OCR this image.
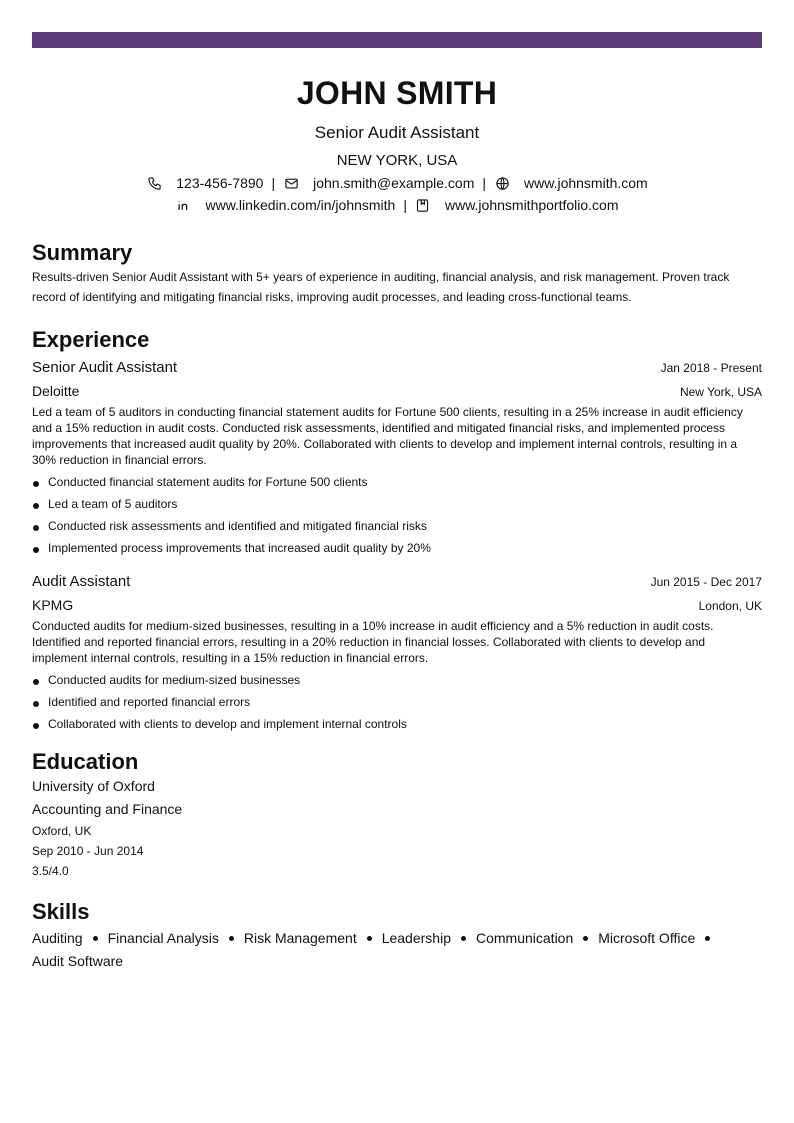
JOHN SMITH
Senior Audit Assistant
NEW YORK, USA
123-456-7890 |	john.smith@example.com |	www.johnsmith.com
www.linkedin.com/in/johnsmith |	www.johnsmithportfolio.com
Summary
Results-driven Senior Audit Assistant with 5+ years of experience in auditing, financial analysis, and risk management. Proven track record of identifying and mitigating financial risks, improving audit processes, and leading cross-functional teams.
Experience
Senior Audit Assistant	Jan 2018 - Present
Deloitte	New York, USA
Led a team of 5 auditors in conducting financial statement audits for Fortune 500 clients, resulting in a 25% increase in audit efficiency and a 15% reduction in audit costs. Conducted risk assessments, identified and mitigated financial risks, and implemented process improvements that increased audit quality by 20%. Collaborated with clients to develop and implement internal controls, resulting in a 30% reduction in financial errors.
Conducted financial statement audits for Fortune 500 clients
Led a team of 5 auditors
Conducted risk assessments and identified and mitigated financial risks
Implemented process improvements that increased audit quality by 20%
Audit Assistant	Jun 2015 - Dec 2017
KPMG	London, UK
Conducted audits for medium-sized businesses, resulting in a 10% increase in audit efficiency and a 5% reduction in audit costs. Identified and reported financial errors, resulting in a 20% reduction in financial losses. Collaborated with clients to develop and implement internal controls, resulting in a 15% reduction in financial errors.
Conducted audits for medium-sized businesses
Identified and reported financial errors
Collaborated with clients to develop and implement internal controls
Education
University of Oxford
Accounting and Finance
Oxford, UK
Sep 2010 - Jun 2014
3.5/4.0
Skills
Auditing Financial Analysis Risk Management Leadership Communication Microsoft Office
Audit Software
